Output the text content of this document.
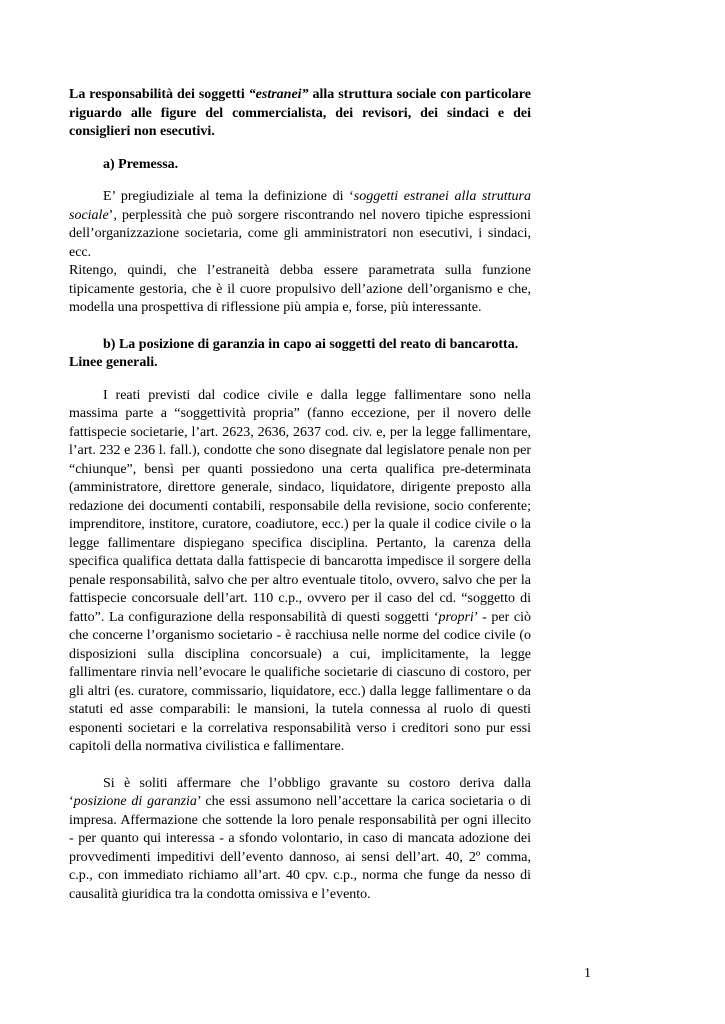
La responsabilità dei soggetti “estranei” alla struttura sociale con particolare riguardo alle figure del commercialista, dei revisori, dei sindaci e dei consiglieri non esecutivi.

a) Premessa.

E’ pregiudiziale al tema la definizione di ‘soggetti estranei alla struttura sociale’, perplessità che può sorgere riscontrando nel novero tipiche espressioni dell’organizzazione societaria, come gli amministratori non esecutivi, i sindaci, ecc.

Ritengo, quindi, che l’estraneità debba essere parametrata sulla funzione tipicamente gestoria, che è il cuore propulsivo dell’azione dell’organismo e che, modella una prospettiva di riflessione più ampia e, forse, più interessante.

b) La posizione di garanzia in capo ai soggetti del reato di bancarotta. Linee generali.

I reati previsti dal codice civile e dalla legge fallimentare sono nella massima parte a “soggettività propria” (fanno eccezione, per il novero delle fattispecie societarie, l’art. 2623, 2636, 2637 cod. civ. e, per la legge fallimentare, l’art. 232 e 236 l. fall.), condotte che sono disegnate dal legislatore penale non per “chiunque”, bensì per quanti possiedono una certa qualifica pre-determinata (amministratore, direttore generale, sindaco, liquidatore, dirigente preposto alla redazione dei documenti contabili, responsabile della revisione, socio conferente; imprenditore, institore, curatore, coadiutore, ecc.) per la quale il codice civile o la legge fallimentare dispiegano specifica disciplina. Pertanto, la carenza della specifica qualifica dettata dalla fattispecie di bancarotta impedisce il sorgere della penale responsabilità, salvo che per altro eventuale titolo, ovvero, salvo che per la fattispecie concorsuale dell’art. 110 c.p., ovvero per il caso del cd. “soggetto di fatto”. La configurazione della responsabilità di questi soggetti ‘propri’ - per ciò che concerne l’organismo societario - è racchiusa nelle norme del codice civile (o disposizioni sulla disciplina concorsuale) a cui, implicitamente, la legge fallimentare rinvia nell’evocare le qualifiche societarie di ciascuno di costoro, per gli altri (es. curatore, commissario, liquidatore, ecc.) dalla legge fallimentare o da statuti ed asse comparabili: le mansioni, la tutela connessa al ruolo di questi esponenti societari e la correlativa responsabilità verso i creditori sono pur essi capitoli della normativa civilistica e fallimentare.

Si è soliti affermare che l’obbligo gravante su costoro deriva dalla ‘posizione di garanzia’ che essi assumono nell’accettare la carica societaria o di impresa. Affermazione che sottende la loro penale responsabilità per ogni illecito - per quanto qui interessa - a sfondo volontario, in caso di mancata adozione dei provvedimenti impeditivi dell’evento dannoso, ai sensi dell’art. 40, 2º comma, c.p., con immediato richiamo all’art. 40 cpv. c.p., norma che funge da nesso di causalità giuridica tra la condotta omissiva e l’evento.

1
